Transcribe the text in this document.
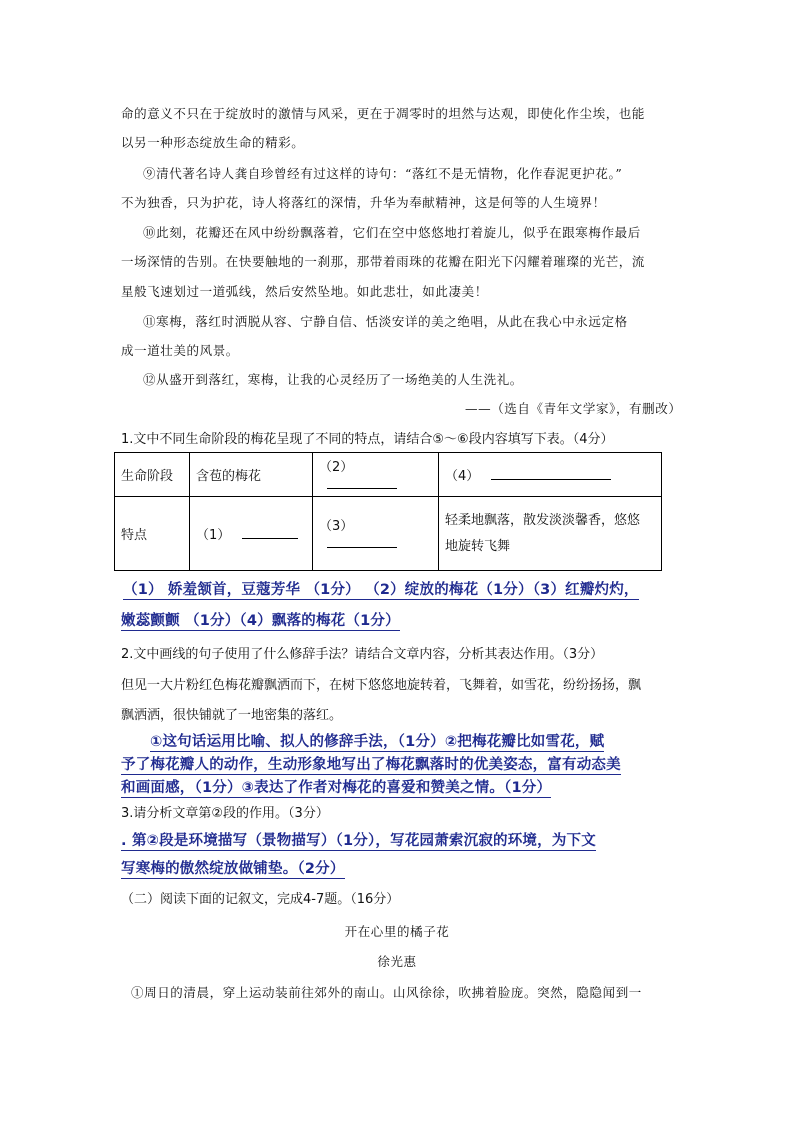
命的意义不只在于绽放时的激情与风采，更在于凋零时的坦然与达观，即使化作尘埃，也能
以另一种形态绽放生命的精彩。
⑨清代著名诗人龚自珍曾经有过这样的诗句：“落红不是无情物，化作春泥更护花。”
不为独香，只为护花，诗人将落红的深情，升华为奉献精神，这是何等的人生境界！
⑩此刻，花瓣还在风中纷纷飘落着，它们在空中悠悠地打着旋儿，似乎在跟寒梅作最后
一场深情的告别。在快要触地的一刹那，那带着雨珠的花瓣在阳光下闪耀着璀璨的光芒，流
星般飞速划过一道弧线，然后安然坠地。如此悲壮，如此凄美！
⑪寒梅，落红时洒脱从容、宁静自信、恬淡安详的美之绝唱，从此在我心中永远定格
成一道壮美的风景。
⑫从盛开到落红，寒梅，让我的心灵经历了一场绝美的人生洗礼。
——（选自《青年文学家》，有删改）
1.文中不同生命阶段的梅花呈现了不同的特点，请结合⑤～⑥段内容填写下表。（4分）
生命阶段	含苞的梅花	（2）	（4）
特点	（1）	（3）	轻柔地飘落，散发淡淡馨香，悠悠
地旋转飞舞
（1） 娇羞颔首，豆蔻芳华 （1分） （2）绽放的梅花（1分）（3）红瓣灼灼，
嫩蕊颤颤 （1分）（4）飘落的梅花（1分）
2.文中画线的句子使用了什么修辞手法？请结合文章内容，分析其表达作用。（3分）
但见一大片粉红色梅花瓣飘洒而下，在树下悠悠地旋转着，飞舞着，如雪花，纷纷扬扬，飘
飘洒洒，很快铺就了一地密集的落红。
①这句话运用比喻、拟人的修辞手法，（1分）②把梅花瓣比如雪花，赋
予了梅花瓣人的动作，生动形象地写出了梅花飘落时的优美姿态，富有动态美
和画面感，（1分）③表达了作者对梅花的喜爱和赞美之情。（1分）
3.请分析文章第②段的作用。（3分）
. 第②段是环境描写（景物描写）（1分），写花园萧索沉寂的环境，为下文
写寒梅的傲然绽放做铺垫。（2分）
（二）阅读下面的记叙文，完成4-7题。（16分）
开在心里的橘子花
徐光惠
①周日的清晨，穿上运动装前往郊外的南山。山风徐徐，吹拂着脸庞。突然，隐隐闻到一
